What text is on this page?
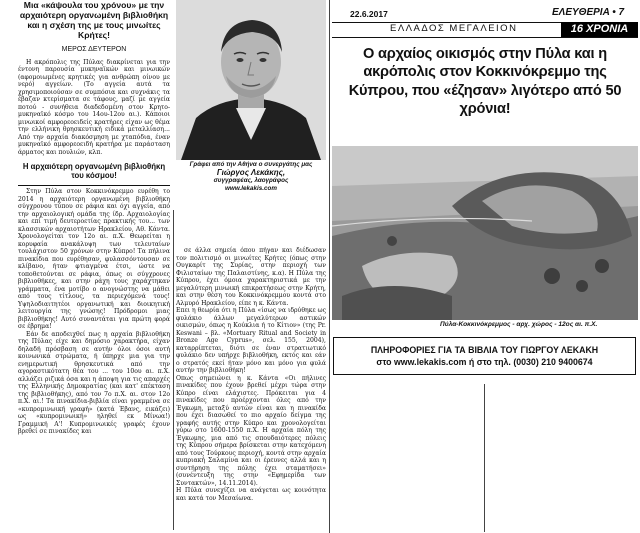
Μια «κάψουλα του χρόνου» με την αρχαιότερη οργανωμένη βιβλιοθήκη και η σχέση της με τους μινωίτες Κρήτες!
ΜΕΡΟΣ ΔΕΥΤΕΡΟΝ

Η ακρόπολις της Πύλας διακρίνεται για την έντονη παρουσία μυκηναϊκών και μινωικών (αφομοιωμένες κρητικές για ανθρώπη οίνου με νερό) αγγείων. (Το αγγεία αυτά τα χρησιμοποιούσαν σε συμπόσια και συχνάκις τα έβαζαν κτερίσματα σε τάφους, μαζί με αγγεία ποτού - συνήθεια διαδεδομένη στον Κρητο-μυκηναϊκό κόσμο του 14ου-12ου αι.). Κάποιοι μινωικοί αμφορεοειδείς κρατήρες είχαν ως θέμα την ελλήνικη θρησκευτική ειδικά μεταλλίαση... Από την αρχαία διακόσμηση με χταπόδια, έναν μυκηναϊκό αμφορεοειδή κρατήρα με παράσταση άρματος και πουλιών, κλπ.

Η αρχαιότερη οργανωμένη βιβλιοθήκη του κόσμου!

Στην Πύλα στον Κοκκινόκρεμμο ευρέθη το 2014 η αρχαιότερη οργανωμένη βιβλιοθήκη σύγχρονου τύπου σε ράφια και όχι αγγεία, από την αρχαιολογική ομάδα της ίδρ. Αρχαιολογίας και επί τιμή δευτεροετίας πρακτικής του... των κλασσικών αρχαιοτήτων Ηρακλείου, Αθ. Κάντα. Χρονολογείται τον 12ο αι. π.Χ. Θεωρείται η κορυφαία ανακάλυψη των τελευταίων τουλάχιστον 50 χρόνων στην Κύπρο! Τα πήλινα πινακίδια που ευρέθησαν, φυλασσόντουσαν σε κλίβανο, ήταν φτιαγμένα έτσι, ώστε να τοποθετούνται σε ράφια, όπως οι σύγχρονες βιβλιοθήκες, και στην ράχη τους χαράχτηκαν γράμματα, ένα μοτίβο ο ανογνώστης να μάθει από τους τίτλους, τα περιεχόμενά τους! Υψηλοδιαιτητέοι οργανωτική και διοικητική λειτουργία της γνώσης! Πρόδρομοι μιας βιβλιοθήκης! Αυτό συναντάται για πρώτη φορά σε έβρημα!

Εάν δε αποδειχθεί πως η αρχαία βιβλιοθήκη της Πύλας είχε και δημόσιο χαρακτήρα, είχαν δηλαδή πρόσβαση σε αυτήν όλοι όσοι αυτή κοινωνικά στρώματα, ή ύπηρχε μια για την ενημερωτική θρησκευτικά από την αγοραστικότατη θέα του ... του 10ου αι. π.Χ. αλλάζει ριζικά όσα και η άποψη για τις απαρχές της Ελληνικής Δημοκρατίας (και κατ' επέκταση της βιβλιοθήκης), από τον 7ο π.Χ. αι. στον 12ο π.Χ. αι.! Τα πινακίδια-βιβλία είναι γραμμένα σε «κυπρομινωική γραφή» (κατά Έβανς, εικάζει) ως «κυπρομινωική» ηληθεί εκ Μίνωα!) Γραμμική Α'! Κυπρομινωικές γραφές έχουν βρεθεί σε πινακίδες και

Γράφει από την Αθήνα ο συνεργάτης μας
Γιώργος Λεκάκης,
συγγραφέας, λαογράφος
www.lekakis.com

σε άλλα σημεία όπου πήγαν και διέδωσαν τον πολιτισμό οι μινωίτες Κρήτες (όπως στην Ουγκαρίτ της Συρίας, στην περιοχή των Φιλισταίων της Παλαιστίνης, κ.α). Η Πύλα της Κύπρου, έχει όμοια χαρακτηριστικά με την μεγαλύτερη μινωική επικρατήσεως στην Κρήτη, και στην θέση του Κοκκινόκρεμμου κοντά στο Αλμυρό Ηρακλείου, είπε η κ. Κάντα.
Επει η θεωρία ότι η Πύλα «ίσως να ιδρύθηκε ως φυλάκιο άλλων μεγαλύτερων αστικών οικισμών, όπως η Κούκλια ή το Κίτιον» (της Pr. Keswani – βλ. «Mortuary Ritual and Society in Bronze Age Cyprus», σελ. 155, 2004), καταρρίπτεται, διότι σε έναν στρατιωτικό φυλάκιο δεν υπήρχε βιβλιοθήκη, εκτός και εάν ο στρατός εκεί ήταν μόνο και μόνο για φυλά αυτήν την βιβλιοθήκη!
Οπως σημειώνει η κ. Κάντα «Οι πήλινες πινακίδες που έχουν βρεθεί μέχρι τώρα στην Κύπρο είναι ελάχιστες. Πρόκειται για 4 πινακίδες που προέρχονται όλες από την Έγκωμη, μεταξύ αυτών είναι και η πινακίδα που έχει διασωθεί το πιο αρχαίο δείγμα της γραφής αυτής στην Κύπρο και χρονολογείται γύρω στο 1600-1550 π.Χ. Η αρχαία πόλη της Έγκωμης, μια από τις σπουδαιότερες πόλεις της Κύπρου σήμερα βρίσκεται στην κατεχόμενη από τους Τούρκους περιοχή, κοντά στην αρχαία κυπριακή Σαλαμίνα και οι έρευνες αλλά και η συντήρηση της πόλης έχει σταματήσει» (συνέντευξη της στην «Εφημερίδα των Συντακτών», 14.11.2014).
Η Πύλα συνεχίζει να ανάγεται ως κοινότητα και κατά τον Μεσαίωνα.

22.6.2017	ΕΛΕΥΘΕΡΙΑ • 7
ΕΛΛΑΔΟΣ ΜΕΓΑΛΕΙΟΝ	16 ΧΡΟΝΙΑ
Ο αρχαίος οικισμός στην Πύλα και η ακρόπολις στον Κοκκινόκρεμμο της Κύπρου, που «έζησαν» λιγότερο από 50 χρόνια!
Πύλα-Κοκκινόκρεμμος - αρχ. χώρος - 12ος αι. π.Χ.
ΠΛΗΡΟΦΟΡΙΕΣ ΓΙΑ ΤΑ ΒΙΒΛΙΑ ΤΟΥ ΓΙΩΡΓΟΥ ΛΕΚΑΚΗ
στο www.lekakis.com ή στο τηλ. (0030) 210 9400674
